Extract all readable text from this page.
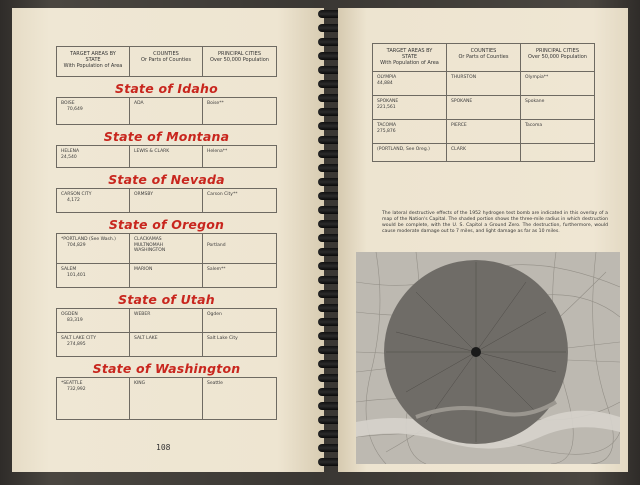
TARGET AREAS BY
STATE
With Population of Area	COUNTIES
Or Parts of Counties	PRINCIPAL CITIES
Over 50,000 Population

State of Idaho		

BOISE
70,649	ADA	Boise**
State of Montana		

HELENA
24,540	LEWIS & CLARK	Helena**
State of Nevada		

CARSON CITY
4,172	ORMSBY	Carson City**
State of Oregon		

*PORTLAND (See Wash.)
704,829	CLACKAMAS
MULTNOMAH
WASHINGTON	Portland

SALEM
101,401	MARION	Salem**
State of Utah		

OGDEN
83,319	WEBER	Ogden

SALT LAKE CITY
274,895	SALT LAKE	Salt Lake City
State of Washington		

*SEATTLE
732,992	KING	Seattle
108
TARGET AREAS BY
STATE
With Population of Area	COUNTIES
Or Parts of Counties	PRINCIPAL CITIES
Over 50,000 Population

OLYMPIA
44,884	THURSTON	Olympia**

SPOKANE
221,561	SPOKANE	Spokane

TACOMA
275,876	PIERCE	Tacoma

(PORTLAND, See Oreg.)	CLARK	
The lateral destructive effects of the 1952 hydrogen test bomb are indicated in this overlay of a map of the Nation's Capital. The shaded portion shows the three-mile radius in which destruction would be complete, with the U. S. Capitol a Ground Zero. The destruction, furthermore, would cause moderate damage out to 7 miles, and light damage as far as 10 miles.
